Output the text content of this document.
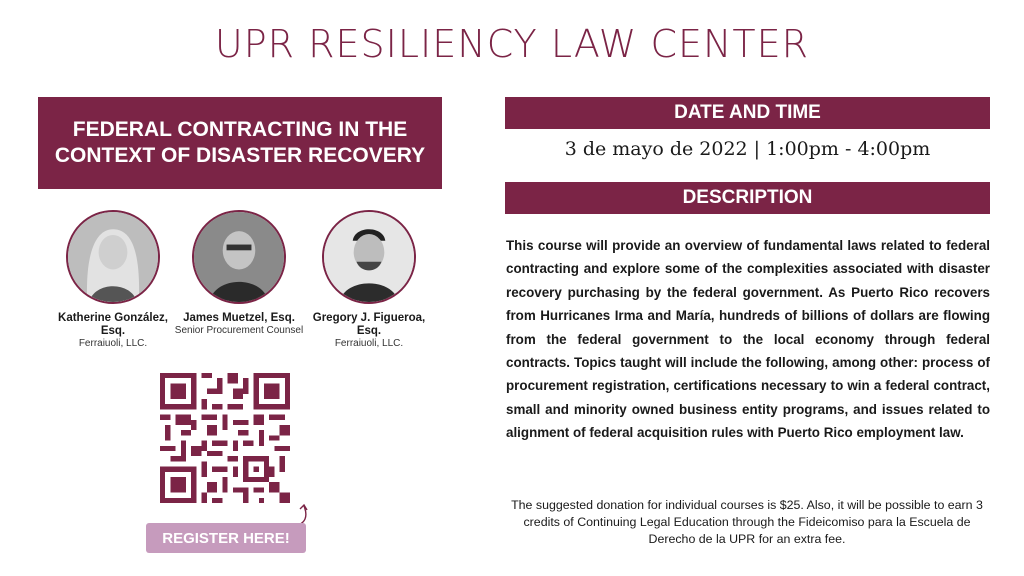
UPR RESILIENCY LAW CENTER
FEDERAL CONTRACTING IN THE CONTEXT OF DISASTER RECOVERY
Katherine González, Esq.
Ferraiuoli, LLC.
James Muetzel, Esq.
Senior Procurement Counsel
Gregory J. Figueroa, Esq.
Ferraiuoli, LLC.
REGISTER HERE!
DATE AND TIME
3 de mayo de 2022 | 1:00pm - 4:00pm
DESCRIPTION
This course will provide an overview of fundamental laws related to federal contracting and explore some of the complexities associated with disaster recovery purchasing by the federal government. As Puerto Rico recovers from Hurricanes Irma and María, hundreds of billions of dollars are flowing from the federal government to the local economy through federal contracts. Topics taught will include the following, among other: process of procurement registration, certifications necessary to win a federal contract, small and minority owned business entity programs, and issues related to alignment of federal acquisition rules with Puerto Rico employment law.
The suggested donation for individual courses is $25. Also, it will be possible to earn 3 credits of Continuing Legal Education through the Fideicomiso para la Escuela de Derecho de la UPR for an extra fee.
